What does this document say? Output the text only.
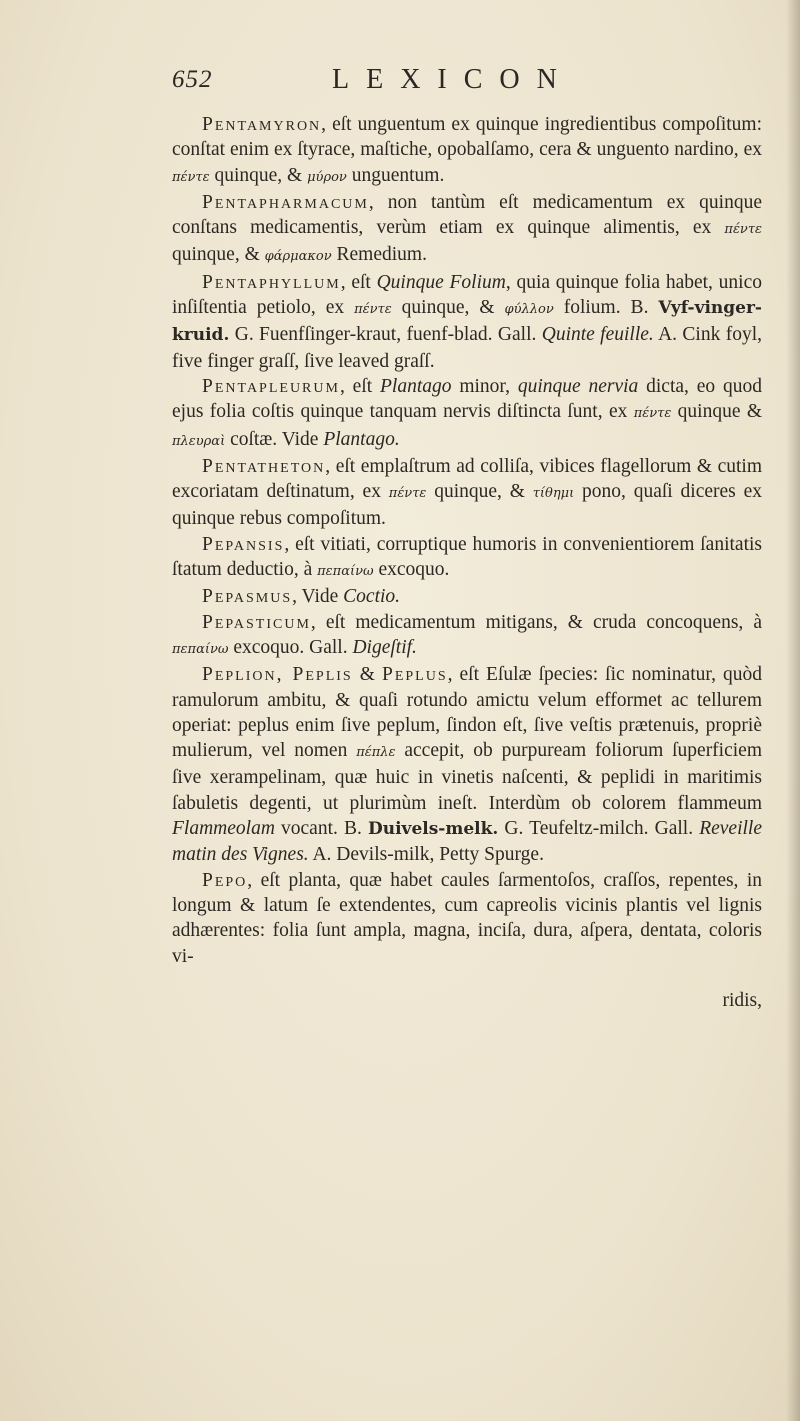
652	LEXICON

Pentamyron, eſt unguentum ex quinque ingredientibus compoſitum: conſtat enim ex ſtyrace, maſtiche, opobalſamo, cera & unguento nardino, ex πέντε quinque, & μύρον unguentum.

Pentapharmacum, non tantùm eſt medicamentum ex quinque conſtans medicamentis, verùm etiam ex quinque alimentis, ex πέντε quinque, & φάρμακον Remedium.

Pentaphyllum, eſt Quinque Folium, quia quinque folia habet, unico inſiſtentia petiolo, ex πέντε quinque, & φύλλον folium. B. Vyf-vinger-kruid. G. Fuenfſinger-kraut, fuenf-blad. Gall. Quinte feuille. A. Cink foyl, five finger graſſ, ſive leaved graſſ.

Pentapleurum, eſt Plantago minor, quinque nervia dicta, eo quod ejus folia coſtis quinque tanquam nervis diſtincta ſunt, ex πέντε quinque & πλευραὶ coſtæ. Vide Plantago.

Pentatheton, eſt emplaſtrum ad colliſa, vibices flagellorum & cutim excoriatam deſtinatum, ex πέντε quinque, & τίθημι pono, quaſi diceres ex quinque rebus compoſitum.

Pepansis, eſt vitiati, corruptique humoris in convenientiorem ſanitatis ſtatum deductio, à πεπαίνω excoquo.

Pepasmus, Vide Coctio.

Pepasticum, eſt medicamentum mitigans, & cruda concoquens, à πεπαίνω excoquo. Gall. Digeſtif.

Peplion, Peplis & Peplus, eſt Eſulæ ſpecies: ſic nominatur, quòd ramulorum ambitu, & quaſi rotundo amictu velum efformet ac tellurem operiat: peplus enim ſive peplum, ſindon eſt, ſive veſtis prætenuis, propriè mulierum, vel nomen πέπλε accepit, ob purpuream foliorum ſuperficiem ſive xerampelinam, quæ huic in vinetis naſcenti, & peplidi in maritimis ſabuletis degenti, ut plurimùm ineſt. Interdùm ob colorem flammeum Flammeolam vocant. B. Duivels-melk. G. Teufeltz-milch. Gall. Reveille matin des Vignes. A. Devils-milk, Petty Spurge.

Pepo, eſt planta, quæ habet caules ſarmentoſos, craſſos, repentes, in longum & latum ſe extendentes, cum capreolis vicinis plantis vel lignis adhærentes: folia ſunt ampla, magna, inciſa, dura, aſpera, dentata, coloris vi-

ridis,
